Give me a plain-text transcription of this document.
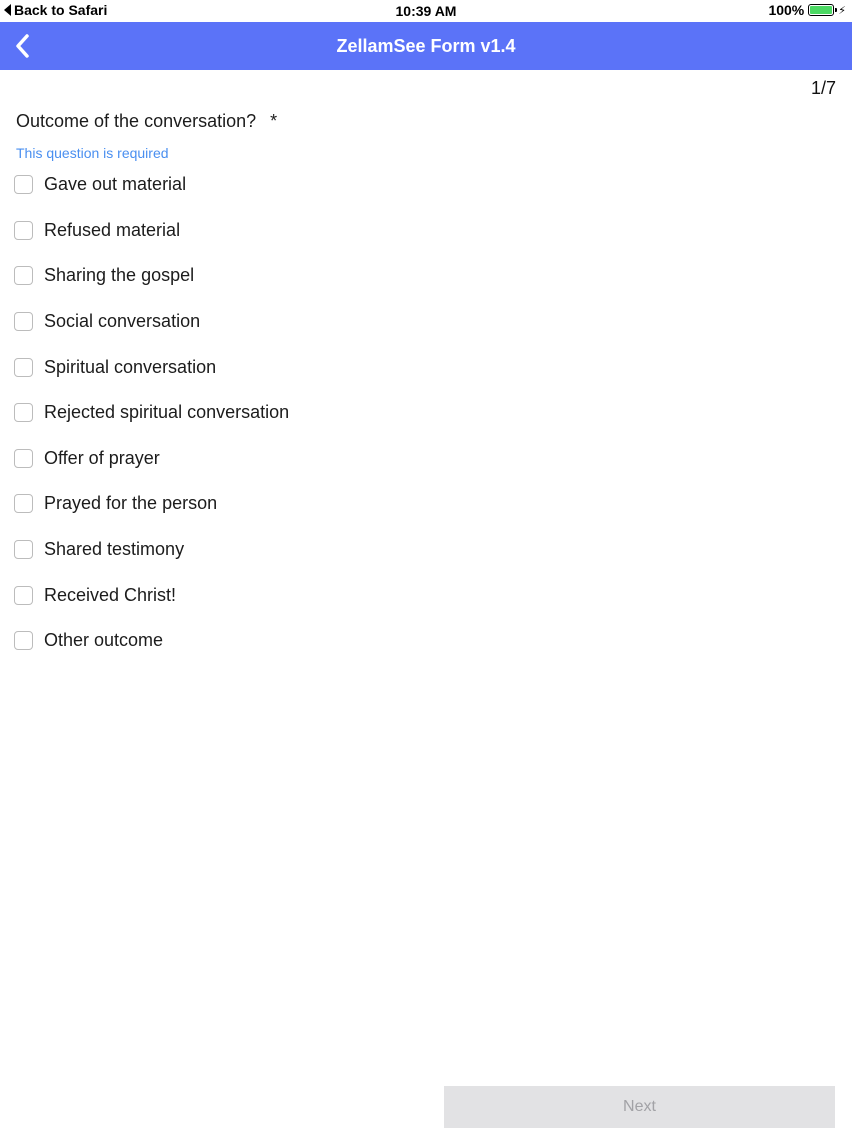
Back to Safari	10:39 AM	100%	⚡
ZellamSee Form v1.4
1/7
Outcome of the conversation? *
This question is required
Gave out material
Refused material
Sharing the gospel
Social conversation
Spiritual conversation
Rejected spiritual conversation
Offer of prayer
Prayed for the person
Shared testimony
Received Christ!
Other outcome
Next
